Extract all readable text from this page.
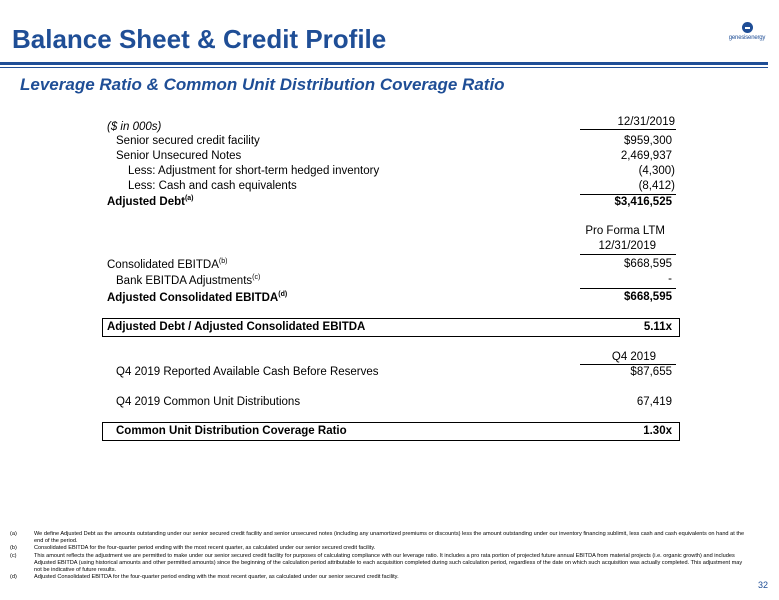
Balance Sheet & Credit Profile	genesisenergy
Leverage Ratio & Common Unit Distribution Coverage Ratio
($ in 000s)	12/31/2019
Senior secured credit facility	$959,300
Senior Unsecured Notes	2,469,937
Less: Adjustment for short-term hedged inventory	(4,300)
Less: Cash and cash equivalents	(8,412)
Adjusted Debt$^{(a)}$	$3,416,525
Pro Forma LTM
12/31/2019
Consolidated EBITDA$^{(b)}$	$668,595
Bank EBITDA Adjustments$^{(c)}$	-
Adjusted Consolidated EBITDA$^{(d)}$	$668,595
Adjusted Debt / Adjusted Consolidated EBITDA	5.11x
Q4 2019
Q4 2019 Reported Available Cash Before Reserves	$87,655
Q4 2019 Common Unit Distributions	67,419
Common Unit Distribution Coverage Ratio	1.30x
(a)	We define Adjusted Debt as the amounts outstanding under our senior secured credit facility and senior unsecured notes (including any unamortized premiums or discounts) less the amount outstanding under our inventory financing sublimit, less cash and cash equivalents on hand at the end of the period.
(b)	Consolidated EBITDA for the four-quarter period ending with the most recent quarter, as calculated under our senior secured credit facility.
(c)	This amount reflects the adjustment we are permitted to make under our senior secured credit facility for purposes of calculating compliance with our leverage ratio. It includes a pro rata portion of projected future annual EBITDA from material projects (i.e. organic growth) and includes Adjusted EBITDA (using historical amounts and other permitted amounts) since the beginning of the calculation period attributable to each acquisition completed during such calculation period, regardless of the date on which such acquisition was actually completed. This adjustment may not be indicative of future results.
(d)	Adjusted Consolidated EBITDA for the four-quarter period ending with the most recent quarter, as calculated under our senior secured credit facility.
32
